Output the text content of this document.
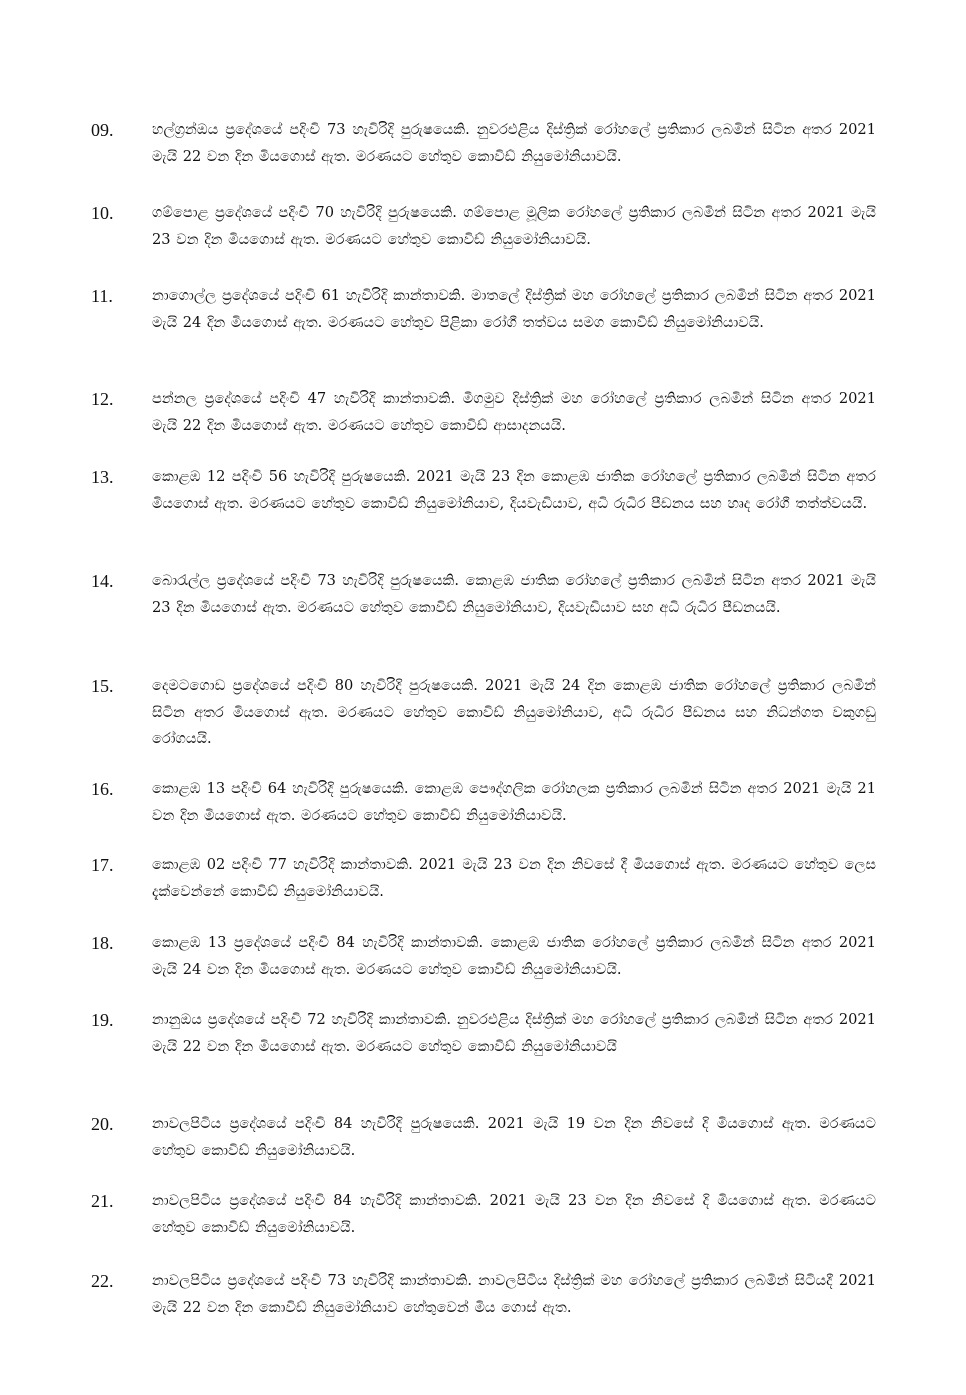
09.	හල්ග්‍රන්ඔය ප්‍රදේශයේ පදිංචි 73 හැවිරිදි පුරුෂයෙකි. නුවරඑළිය දිස්ත්‍රික් රෝහලේ ප්‍රතිකාර ලබමින් සිටින අතර 2021 මැයි 22 වන දින මියගොස් ඇත. මරණයට හේතුව කොවිඩ් නියුමෝනියාවයි.

10.	ගම්පොළ ප්‍රදේශයේ පදිංචි 70 හැවිරිදි පුරුෂයෙකි. ගම්පොළ මූලික රෝහලේ ප්‍රතිකාර ලබමින් සිටින අතර 2021 මැයි 23 වන දින මියගොස් ඇත. මරණයට හේතුව කොවිඩ් නියුමෝනියාවයි.

11.	නාගොල්ල ප්‍රදේශයේ පදිංචි 61 හැවිරිදි කාන්තාවකි. මාතලේ දිස්ත්‍රික් මහ රෝහලේ ප්‍රතිකාර ලබමින් සිටින අතර 2021 මැයි 24 දින මියගොස් ඇත. මරණයට හේතුව පිළිකා රෝගී තත්වය සමග කොවිඩ් නියුමෝනියාවයි.

12.	පන්නල ප්‍රදේශයේ පදිංචි 47 හැවිරිදි කාන්තාවකි. මීගමුව දිස්ත්‍රික් මහ රෝහලේ ප්‍රතිකාර ලබමින් සිටින අතර 2021 මැයි 22 දින මියගොස් ඇත. මරණයට හේතුව කොවිඩ් ආසාදනයයි.

13.	කොළඹ 12 පදිංචි 56 හැවිරිදි පුරුෂයෙකි. 2021 මැයි 23 දින කොළඹ ජාතික රෝහලේ ප්‍රතිකාර ලබමින් සිටින අතර මියගොස් ඇත. මරණයට හේතුව කොවිඩ් නියුමෝනියාව, දියවැඩියාව, අධි රුධිර පීඩනය සහ හෘද රෝගී තත්ත්වයයි.

14.	බොරැල්ල ප්‍රදේශයේ පදිංචි 73 හැවිරිදි පුරුෂයෙකි. කොළඹ ජාතික රෝහලේ ප්‍රතිකාර ලබමින් සිටින අතර 2021 මැයි 23 දින මියගොස් ඇත. මරණයට හේතුව කොවිඩ් නියුමෝනියාව, දියවැඩියාව සහ අධි රුධිර පීඩනයයි.

15.	දෙමටගොඩ ප්‍රදේශයේ පදිංචි 80 හැවිරිදි පුරුෂයෙකි. 2021 මැයි 24 දින කොළඹ ජාතික රෝහලේ ප්‍රතිකාර ලබමින් සිටින අතර මියගොස් ඇත. මරණයට හේතුව කොවිඩ් නියුමෝනියාව, අධි රුධිර පීඩනය සහ නිධන්ගත වකුගඩු රෝගයයි.

16.	කොළඹ 13 පදිංචි 64 හැවිරිදි පුරුෂයෙකි. කොළඹ පෞද්ගලික රෝහලක ප්‍රතිකාර ලබමින් සිටින අතර 2021 මැයි 21 වන දින මියගොස් ඇත. මරණයට හේතුව කොවිඩ් නියුමෝනියාවයි.

17.	කොළඹ 02 පදිංචි 77 හැවිරිදි කාන්තාවකි. 2021 මැයි 23 වන දින නිවසේ දී මියගොස් ඇත. මරණයට හේතුව ලෙස දැක්වෙන්නේ කොවිඩ් නියුමෝනියාවයි.

18.	කොළඹ 13 ප්‍රදේශයේ පදිංචි 84 හැවිරිදි කාන්තාවකි. කොළඹ ජාතික රෝහලේ ප්‍රතිකාර ලබමින් සිටින අතර 2021 මැයි 24 වන දින මියගොස් ඇත. මරණයට හේතුව කොවිඩ් නියුමෝනියාවයි.

19.	නානුඔය ප්‍රදේශයේ පදිංචි 72 හැවිරිදි කාන්තාවකි. නුවරඑළිය දිස්ත්‍රික් මහ රෝහලේ ප්‍රතිකාර ලබමින් සිටින අතර 2021 මැයි 22 වන දින මියගොස් ඇත. මරණයට හේතුව කොවිඩ් නියුමෝනියාවයි

20.	නාවලපිටිය ප්‍රදේශයේ පදිංචි 84 හැවිරිදි පුරුෂයෙකි. 2021 මැයි 19 වන දින නිවසේ දි මියගොස් ඇත. මරණයට හේතුව කොවිඩ් නියුමෝනියාවයි.

21.	නාවලපිටිය ප්‍රදේශයේ පදිංචි 84 හැවිරිදි කාන්තාවකි. 2021 මැයි 23 වන දින නිවසේ දි මියගොස් ඇත. මරණයට හේතුව කොවිඩ් නියුමෝනියාවයි.

22.	නාවලපිටිය ප්‍රදේශයේ පදිංචි 73 හැවිරිදි කාන්තාවකි. නාවලපිටිය දිස්ත්‍රික් මහ රෝහලේ ප්‍රතිකාර ලබමින් සිටියදී 2021 මැයි 22 වන දින කොවිඩ් නියුමෝනියාව හේතුවෙන් මිය ගොස් ඇත.
